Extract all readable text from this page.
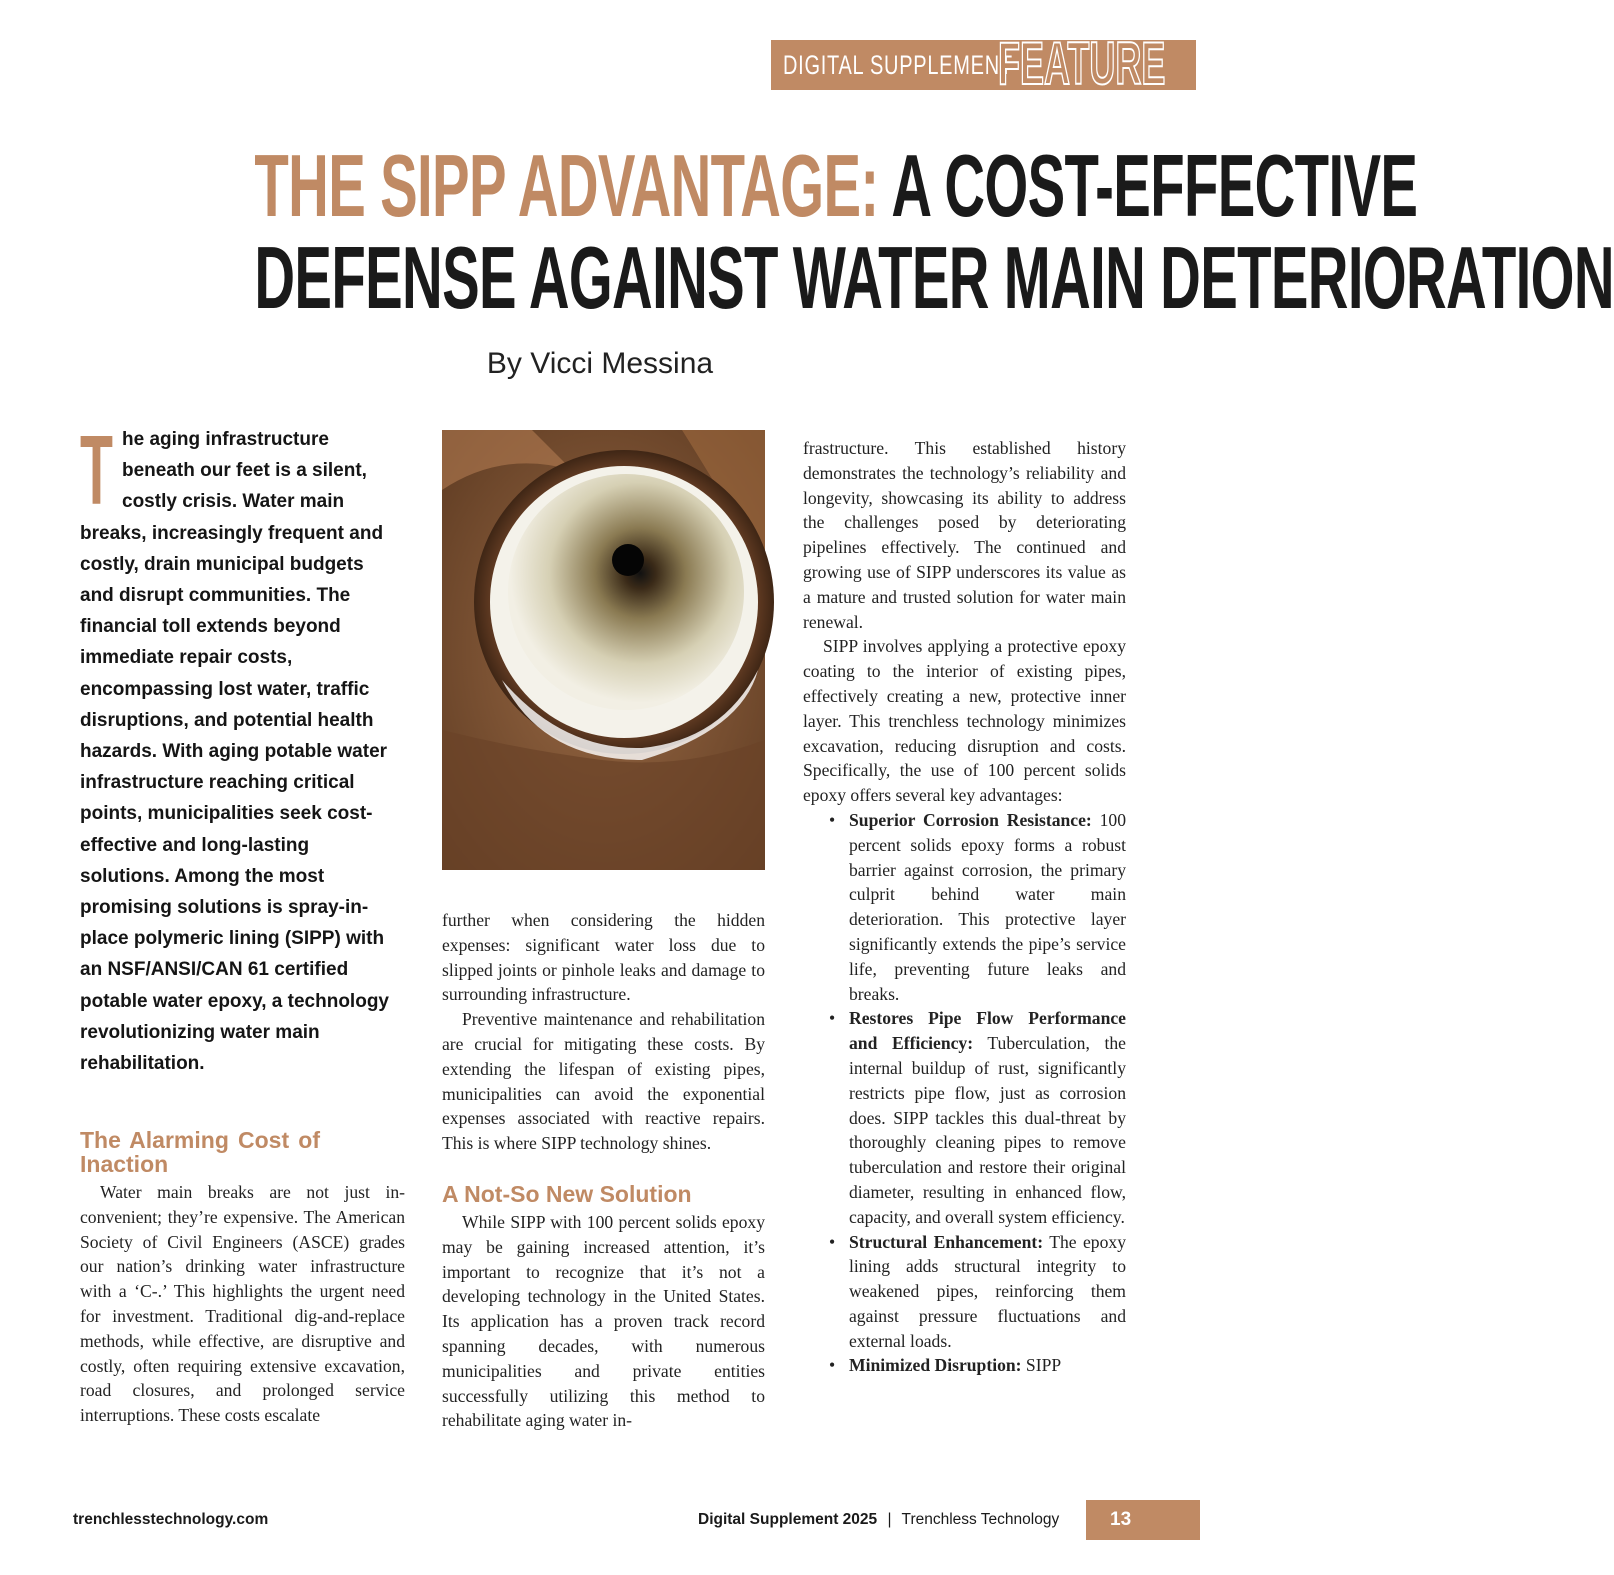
DIGITAL SUPPLEMENT
FEATURE
THE SIPP ADVANTAGE: A COST-EFFECTIVE
DEFENSE AGAINST WATER MAIN DETERIORATION
By Vicci Messina
The aging infrastructure beneath our feet is a silent, costly crisis. Water main breaks, increasingly frequent and costly, drain municipal budgets and disrupt communities. The financial toll extends beyond immediate repair costs, encompassing lost water, traffic disruptions, and potential health hazards. With aging potable water infrastructure reaching critical points, municipalities seek cost-effective and long-lasting solutions. Among the most promising solutions is spray-in-place polymeric lining (SIPP) with an NSF/ANSI/CAN 61 certified potable water epoxy, a technology revolutionizing water main rehabilitation.
The Alarming Cost of Inaction

Water main breaks are not just inconvenient; they’re expensive. The American Society of Civil Engineers (ASCE) grades our nation’s drinking water infrastructure with a ‘C-.’ This highlights the urgent need for investment. Traditional dig-and-replace methods, while effective, are disruptive and costly, often requiring extensive excavation, road closures, and prolonged service interruptions. These costs escalate

further when considering the hidden expenses: significant water loss due to slipped joints or pinhole leaks and damage to surrounding infrastructure.

Preventive maintenance and rehabilitation are crucial for mitigating these costs. By extending the lifespan of existing pipes, municipalities can avoid the exponential expenses associated with reactive repairs. This is where SIPP technology shines.

A Not-So New Solution

While SIPP with 100 percent solids epoxy may be gaining increased attention, it’s important to recognize that it’s not a developing technology in the United States. Its application has a proven track record spanning decades, with numerous municipalities and private entities successfully utilizing this method to rehabilitate aging water in-

frastructure. This established history demonstrates the technology’s reliability and longevity, showcasing its ability to address the challenges posed by deteriorating pipelines effectively. The continued and growing use of SIPP underscores its value as a mature and trusted solution for water main renewal.

SIPP involves applying a protective epoxy coating to the interior of existing pipes, effectively creating a new, protective inner layer. This trenchless technology minimizes excavation, reducing disruption and costs. Specifically, the use of 100 percent solids epoxy offers several key advantages:

• Superior Corrosion Resistance: 100 percent solids epoxy forms a robust barrier against corrosion, the primary culprit behind water main deterioration. This protective layer significantly extends the pipe’s service life, preventing future leaks and breaks.
• Restores Pipe Flow Performance and Efficiency: Tuberculation, the internal buildup of rust, significantly restricts pipe flow, just as corrosion does. SIPP tackles this dual-threat by thoroughly cleaning pipes to remove tuberculation and restore their original diameter, resulting in enhanced flow, capacity, and overall system efficiency.
• Structural Enhancement: The epoxy lining adds structural integrity to weakened pipes, reinforcing them against pressure fluctuations and external loads.
• Minimized Disruption: SIPP
trenchlesstechnology.com	Digital Supplement 2025 | Trenchless Technology	13
